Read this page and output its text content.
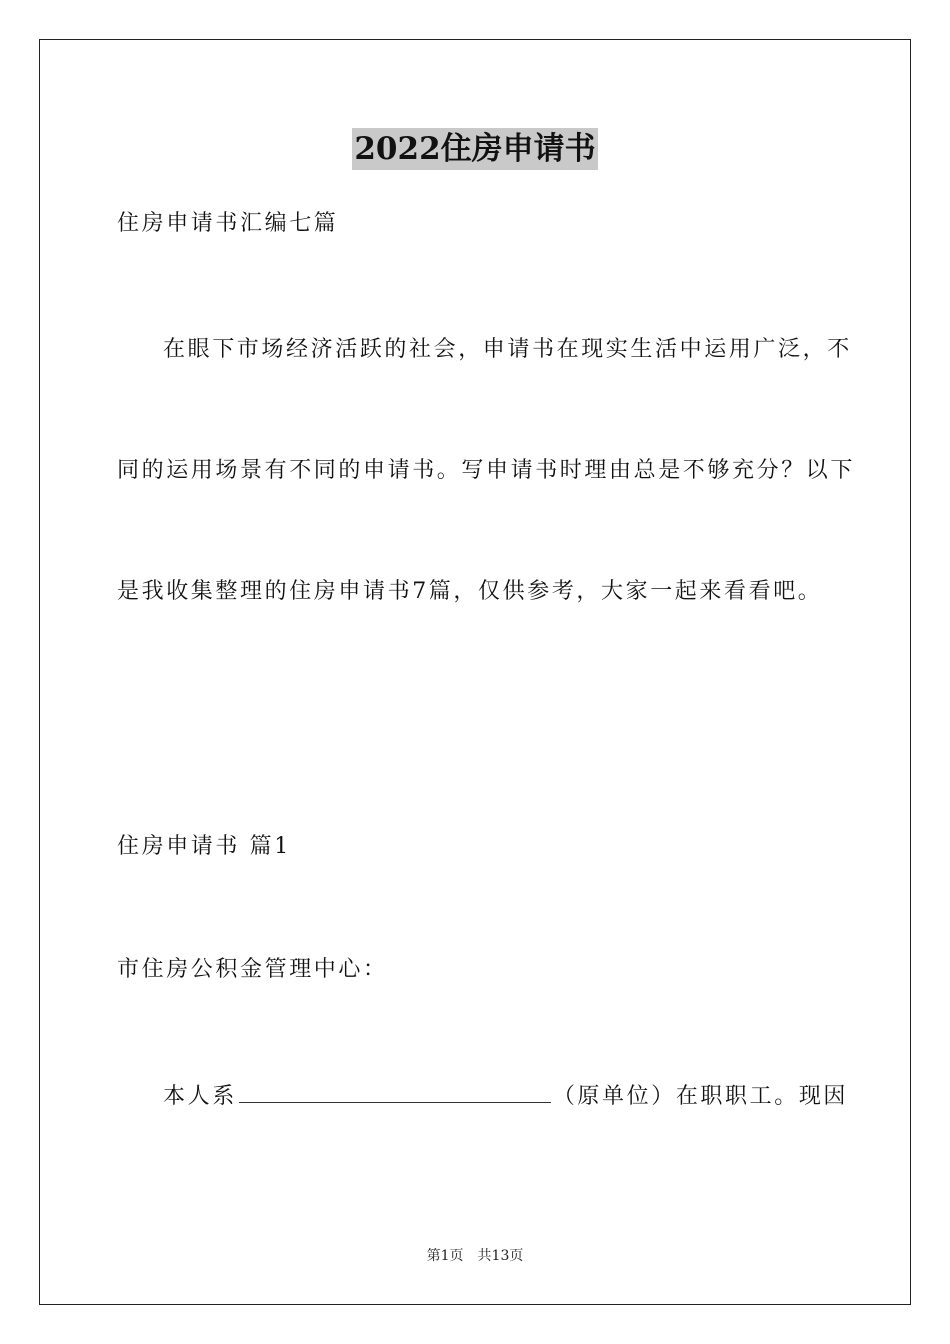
2022住房申请书
住房申请书汇编七篇
在眼下市场经济活跃的社会，申请书在现实生活中运用广泛，不
同的运用场景有不同的申请书。写申请书时理由总是不够充分？以下
是我收集整理的住房申请书7篇，仅供参考，大家一起来看看吧。
住房申请书 篇1
市住房公积金管理中心：
本人系	（原单位）在职职工。现因
第1页 共13页
